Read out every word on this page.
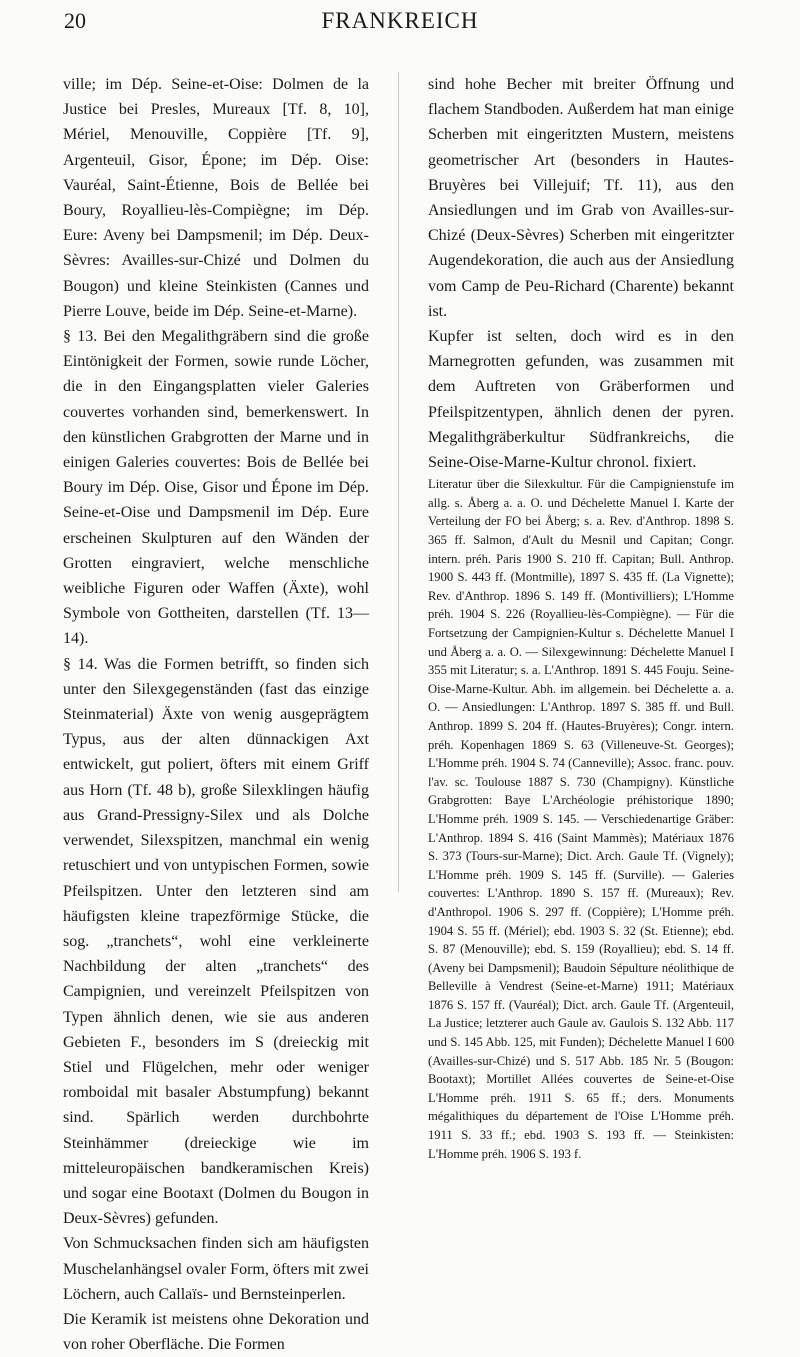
20	FRANKREICH

ville; im Dép. Seine-et-Oise: Dolmen de la Justice bei Presles, Mureaux [Tf. 8, 10], Mériel, Menouville, Coppière [Tf. 9], Argenteuil, Gisor, Épone; im Dép. Oise: Vauréal, Saint-Étienne, Bois de Bellée bei Boury, Royallieu-lès-Compiègne; im Dép. Eure: Aveny bei Dampsmenil; im Dép. Deux-Sèvres: Availles-sur-Chizé und Dolmen du Bougon) und kleine Steinkisten (Cannes und Pierre Louve, beide im Dép. Seine-et-Marne).

§ 13. Bei den Megalithgräbern sind die große Eintönigkeit der Formen, sowie runde Löcher, die in den Eingangsplatten vieler Galeries couvertes vorhanden sind, bemerkenswert. In den künstlichen Grabgrotten der Marne und in einigen Galeries couvertes: Bois de Bellée bei Boury im Dép. Oise, Gisor und Épone im Dép. Seine-et-Oise und Dampsmenil im Dép. Eure erscheinen Skulpturen auf den Wänden der Grotten eingraviert, welche menschliche weibliche Figuren oder Waffen (Äxte), wohl Symbole von Gottheiten, darstellen (Tf. 13—14).

§ 14. Was die Formen betrifft, so finden sich unter den Silexgegenständen (fast das einzige Steinmaterial) Äxte von wenig ausgeprägtem Typus, aus der alten dünnackigen Axt entwickelt, gut poliert, öfters mit einem Griff aus Horn (Tf. 48 b), große Silexklingen häufig aus Grand-Pressigny-Silex und als Dolche verwendet, Silexspitzen, manchmal ein wenig retuschiert und von untypischen Formen, sowie Pfeilspitzen. Unter den letzteren sind am häufigsten kleine trapezförmige Stücke, die sog. „tranchets“, wohl eine verkleinerte Nachbildung der alten „tranchets“ des Campignien, und vereinzelt Pfeilspitzen von Typen ähnlich denen, wie sie aus anderen Gebieten F., besonders im S (dreieckig mit Stiel und Flügelchen, mehr oder weniger romboidal mit basaler Abstumpfung) bekannt sind. Spärlich werden durchbohrte Steinhämmer (dreieckige wie im mitteleuropäischen bandkeramischen Kreis) und sogar eine Bootaxt (Dolmen du Bougon in Deux-Sèvres) gefunden.

Von Schmucksachen finden sich am häufigsten Muschelanhängsel ovaler Form, öfters mit zwei Löchern, auch Callaïs- und Bernsteinperlen.

Die Keramik ist meistens ohne Dekoration und von roher Oberfläche. Die Formen

sind hohe Becher mit breiter Öffnung und flachem Standboden. Außerdem hat man einige Scherben mit eingeritzten Mustern, meistens geometrischer Art (besonders in Hautes-Bruyères bei Villejuif; Tf. 11), aus den Ansiedlungen und im Grab von Availles-sur-Chizé (Deux-Sèvres) Scherben mit eingeritzter Augendekoration, die auch aus der Ansiedlung vom Camp de Peu-Richard (Charente) bekannt ist.

Kupfer ist selten, doch wird es in den Marnegrotten gefunden, was zusammen mit dem Auftreten von Gräberformen und Pfeilspitzentypen, ähnlich denen der pyren. Megalithgräberkultur Südfrankreichs, die Seine-Oise-Marne-Kultur chronol. fixiert.

Literatur über die Silexkultur. Für die Campignienstufe im allg. s. Åberg a. a. O. und Déchelette Manuel I. Karte der Verteilung der FO bei Åberg; s. a. Rev. d'Anthrop. 1898 S. 365 ff. Salmon, d'Ault du Mesnil und Capitan; Congr. intern. préh. Paris 1900 S. 210 ff. Capitan; Bull. Anthrop. 1900 S. 443 ff. (Montmille), 1897 S. 435 ff. (La Vignette); Rev. d'Anthrop. 1896 S. 149 ff. (Montivilliers); L'Homme préh. 1904 S. 226 (Royallieu-lès-Compiègne). — Für die Fortsetzung der Campignien-Kultur s. Déchelette Manuel I und Åberg a. a. O. — Silexgewinnung: Déchelette Manuel I 355 mit Literatur; s. a. L'Anthrop. 1891 S. 445 Fouju. Seine-Oise-Marne-Kultur. Abh. im allgemein. bei Déchelette a. a. O. — Ansiedlungen: L'Anthrop. 1897 S. 385 ff. und Bull. Anthrop. 1899 S. 204 ff. (Hautes-Bruyères); Congr. intern. préh. Kopenhagen 1869 S. 63 (Villeneuve-St. Georges); L'Homme préh. 1904 S. 74 (Canneville); Assoc. franc. pouv. l'av. sc. Toulouse 1887 S. 730 (Champigny). Künstliche Grabgrotten: Baye L'Archéologie préhistorique 1890; L'Homme préh. 1909 S. 145. — Verschiedenartige Gräber: L'Anthrop. 1894 S. 416 (Saint Mammès); Matériaux 1876 S. 373 (Tours-sur-Marne); Dict. Arch. Gaule Tf. (Vignely); L'Homme préh. 1909 S. 145 ff. (Surville). — Galeries couvertes: L'Anthrop. 1890 S. 157 ff. (Mureaux); Rev. d'Anthropol. 1906 S. 297 ff. (Coppière); L'Homme préh. 1904 S. 55 ff. (Mériel); ebd. 1903 S. 32 (St. Etienne); ebd. S. 87 (Menouville); ebd. S. 159 (Royallieu); ebd. S. 14 ff. (Aveny bei Dampsmenil); Baudoin Sépulture néolithique de Belleville à Vendrest (Seine-et-Marne) 1911; Matériaux 1876 S. 157 ff. (Vauréal); Dict. arch. Gaule Tf. (Argenteuil, La Justice; letzterer auch Gaule av. Gaulois S. 132 Abb. 117 und S. 145 Abb. 125, mit Funden); Déchelette Manuel I 600 (Availles-sur-Chizé) und S. 517 Abb. 185 Nr. 5 (Bougon: Bootaxt); Mortillet Allées couvertes de Seine-et-Oise L'Homme préh. 1911 S. 65 ff.; ders. Monuments mégalithiques du département de l'Oise L'Homme préh. 1911 S. 33 ff.; ebd. 1903 S. 193 ff. — Steinkisten: L'Homme préh. 1906 S. 193 f.
